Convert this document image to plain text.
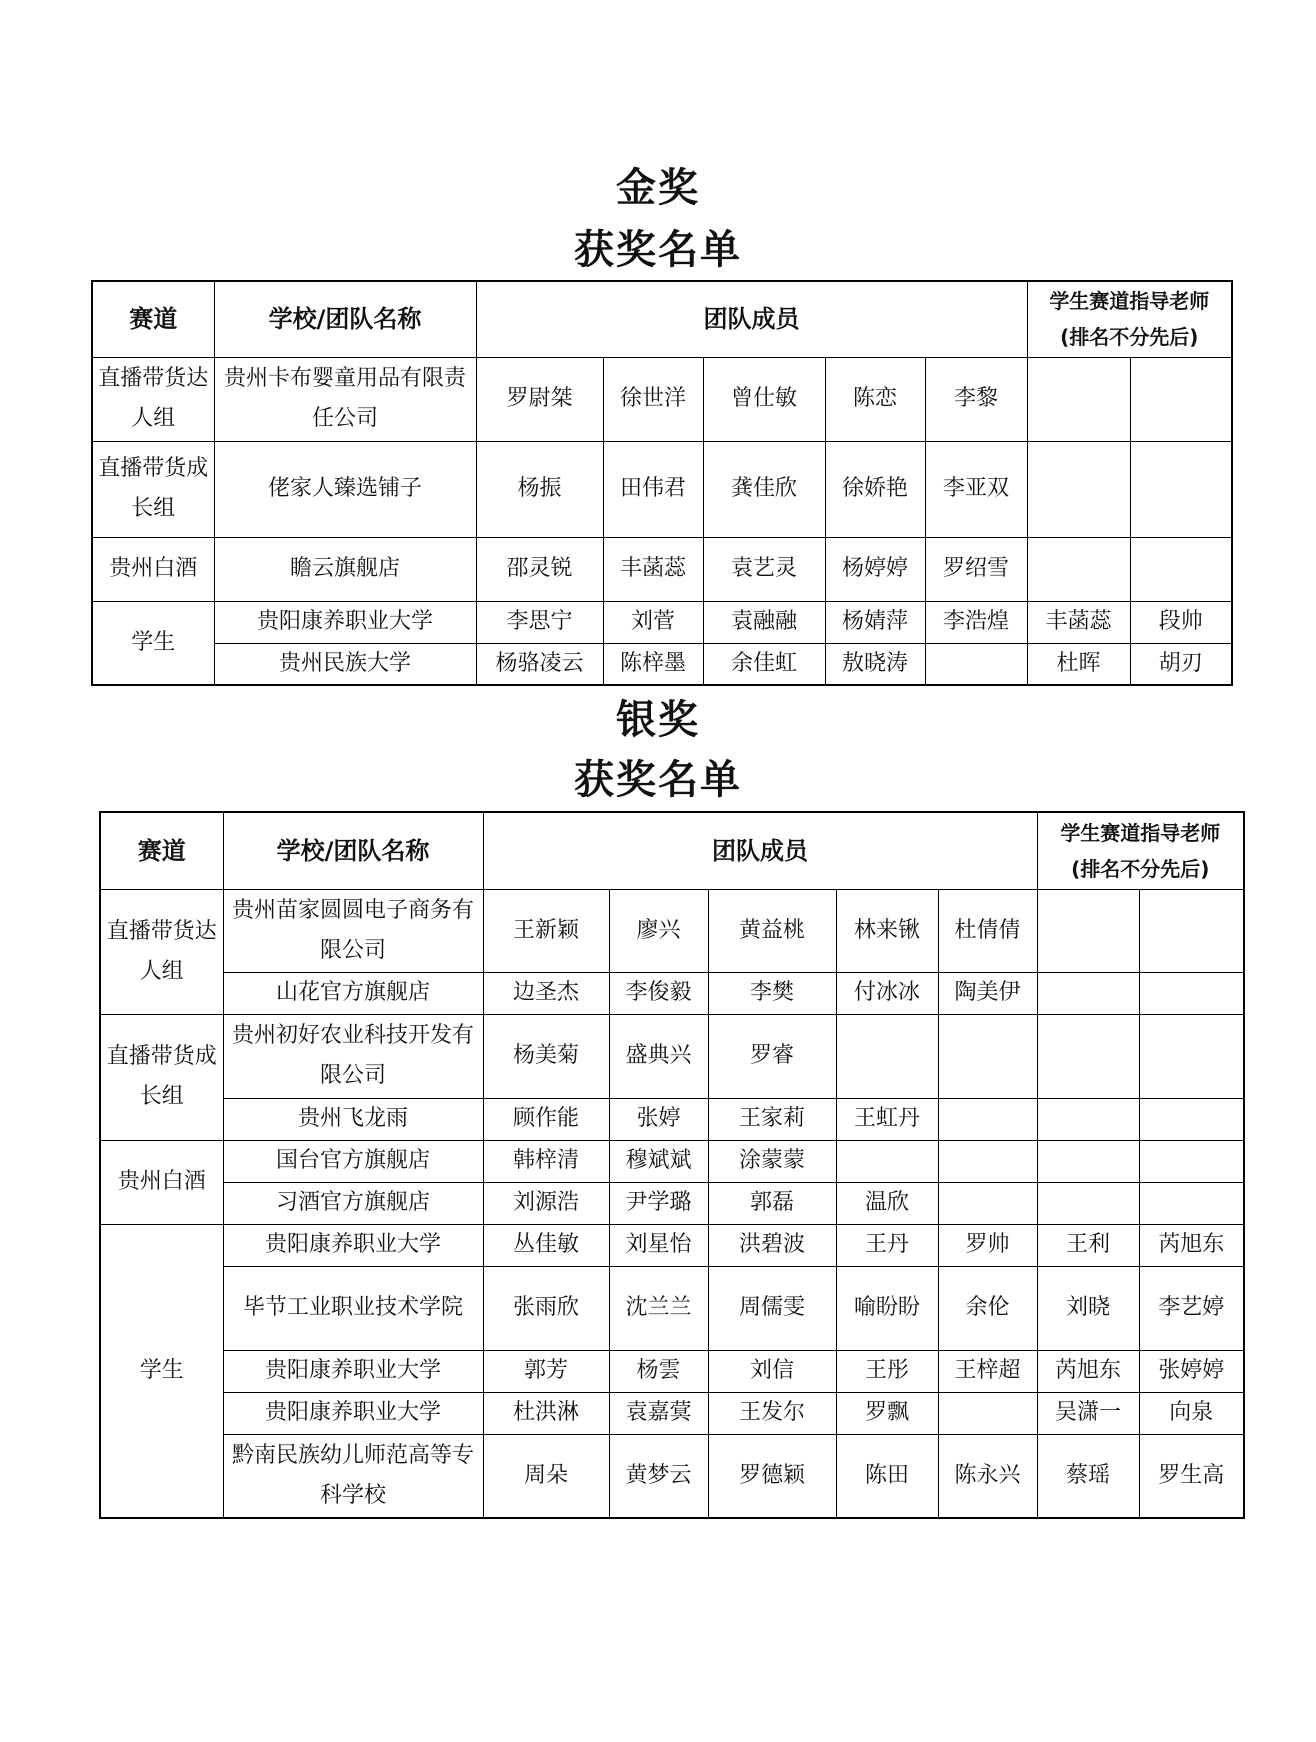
金奖
获奖名单
赛道	学校/团队名称	团队成员					学生赛道指导老师
(排名不分先后)	

直播带货达人组	贵州卡布婴童用品有限责任公司	罗尉桀	徐世洋	曾仕敏	陈恋	李黎		
直播带货成长组	佬家人臻选铺子	杨振	田伟君	龚佳欣	徐娇艳	李亚双		
贵州白酒	瞻云旗舰店	邵灵锐	丰菡蕊	袁艺灵	杨婷婷	罗绍雪		
学生	贵阳康养职业大学	李思宁	刘菅	袁融融	杨婧萍	李浩煌	丰菡蕊	段帅
	贵州民族大学	杨骆凌云	陈梓墨	余佳虹	敖晓涛		杜晖	胡刃
银奖
获奖名单
赛道	学校/团队名称	团队成员					学生赛道指导老师
(排名不分先后)	

直播带货达人组	贵州苗家圆圆电子商务有限公司	王新颖	廖兴	黄益桃	林来锹	杜倩倩		
	山花官方旗舰店	边圣杰	李俊毅	李樊	付冰冰	陶美伊		
直播带货成长组	贵州初好农业科技开发有限公司	杨美菊	盛典兴	罗睿				
	贵州飞龙雨	顾作能	张婷	王家莉	王虹丹			
贵州白酒	国台官方旗舰店	韩梓清	穆斌斌	涂蒙蒙				
	习酒官方旗舰店	刘源浩	尹学璐	郭磊	温欣			
学生	贵阳康养职业大学	丛佳敏	刘星怡	洪碧波	王丹	罗帅	王利	芮旭东
	毕节工业职业技术学院	张雨欣	沈兰兰	周儒雯	喻盼盼	余伦	刘晓	李艺婷
	贵阳康养职业大学	郭芳	杨雲	刘信	王彤	王梓超	芮旭东	张婷婷
	贵阳康养职业大学	杜洪淋	袁嘉蓂	王发尔	罗飘		吴潇一	向泉
	黔南民族幼儿师范高等专科学校	周朵	黄梦云	罗德颖	陈田	陈永兴	蔡瑶	罗生高
